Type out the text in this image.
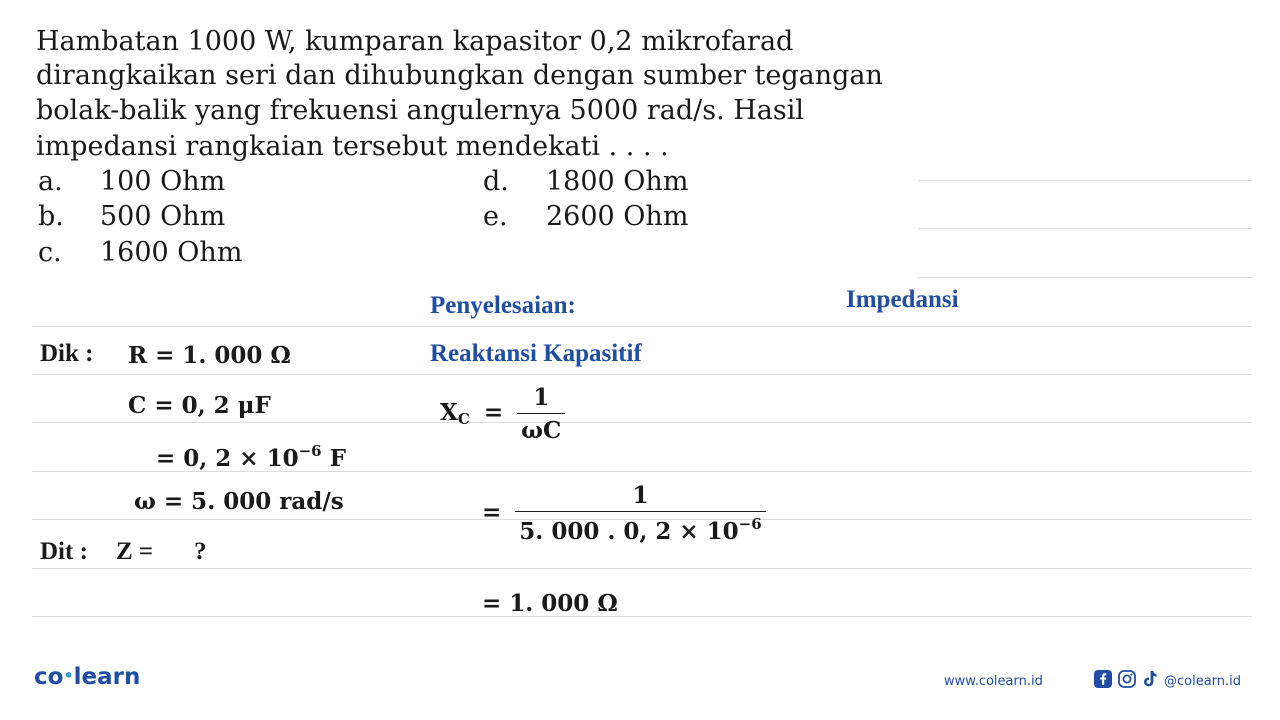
Hambatan 1000 W, kumparan kapasitor 0,2 mikrofarad
dirangkaikan seri dan dihubungkan dengan sumber tegangan
bolak-balik yang frekuensi angulernya 5000 rad/s. Hasil
impedansi rangkaian tersebut mendekati . . . .
a. 100 Ohm
b. 500 Ohm
c. 1600 Ohm
d. 1800 Ohm
e. 2600 Ohm
Penyelesaian:	Impedansi
Reaktansi Kapasitif
Dik : R = 1. 000 Ω
C = 0, 2 μF
= 0, $2 \times 10^{-6}$ F
ω = 5. 000 rad/s
Dit : Z = ?
$X_C = \frac{1}{\omega C}$
= $\frac{1}{5. 000 . 0, 2 \times 10^{-6}}$
= 1. 000 Ω
co•learn	www.colearn.id	@colearn.id
